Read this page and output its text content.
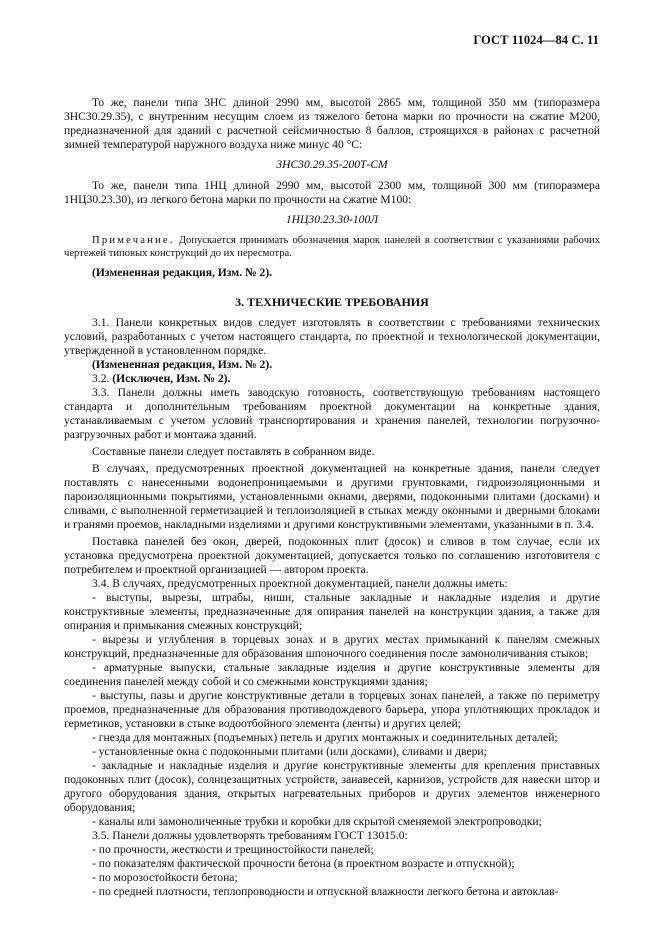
ГОСТ 11024—84 С. 11

То же, панели типа 3НС длиной 2990 мм, высотой 2865 мм, толщиной 350 мм (типоразмера 3НС30.29.35), с внутренним несущим слоем из тяжелого бетона марки по прочности на сжатие М200, предназначенной для зданий с расчетной сейсмичностью 8 баллов, строящихся в районах с расчетной зимней температурой наружного воздуха ниже минус 40 °С:

3НС30.29.35-200Т-СМ

То же, панели типа 1НЦ длиной 2990 мм, высотой 2300 мм, толщиной 300 мм (типоразмера 1НЦ30.23.30), из легкого бетона марки по прочности на сжатие М100:

1НЦ30.23.30-100Л

Примечание. Допускается принимать обозначения марок панелей в соответствии с указаниями рабочих чертежей типовых конструкций до их пересмотра.

(Измененная редакция, Изм. № 2).

3. ТЕХНИЧЕСКИЕ ТРЕБОВАНИЯ

3.1. Панели конкретных видов следует изготовлять в соответствии с требованиями технических условий, разработанных с учетом настоящего стандарта, по проектной и технологической документации, утвержденной в установленном порядке.

(Измененная редакция, Изм. № 2).

3.2. (Исключен, Изм. № 2).

3.3. Панели должны иметь заводскую готовность, соответствующую требованиям настоящего стандарта и дополнительным требованиям проектной документации на конкретные здания, устанавливаемым с учетом условий транспортирования и хранения панелей, технологии погрузочно-разгрузочных работ и монтажа зданий.

Составные панели следует поставлять в собранном виде.

В случаях, предусмотренных проектной документацией на конкретные здания, панели следует поставлять с нанесенными водонепроницаемыми и другими грунтовками, гидроизоляционными и пароизоляционными покрытиями, установленными окнами, дверями, подоконными плитами (досками) и сливами, с выполненной герметизацией и теплоизоляцией в стыках между оконными и дверными блоками и гранями проемов, накладными изделиями и другими конструктивными элементами, указанными в п. 3.4.

Поставка панелей без окон, дверей, подоконных плит (досок) и сливов в том случае, если их установка предусмотрена проектной документацией, допускается только по соглашению изготовителя с потребителем и проектной организацией — автором проекта.

3.4. В случаях, предусмотренных проектной документацией, панели должны иметь:

- выступы, вырезы, штрабы, ниши, стальные закладные и накладные изделия и другие конструктивные элементы, предназначенные для опирания панелей на конструкции здания, а также для опирания и примыкания смежных конструкций;

- вырезы и углубления в торцевых зонах и в других местах примыканий к панелям смежных конструкций, предназначенные для образования шпоночного соединения после замоноличивания стыков;

- арматурные выпуски, стальные закладные изделия и другие конструктивные элементы для соединения панелей между собой и со смежными конструкциями здания;

- выступы, пазы и другие конструктивные детали в торцевых зонах панелей, а также по периметру проемов, предназначенные для образования противодождевого барьера, упора уплотняющих прокладок и герметиков, установки в стыке водоотбойного элемента (ленты) и других целей;

- гнезда для монтажных (подъемных) петель и других монтажных и соединительных деталей;

- установленные окна с подоконными плитами (или досками), сливами и двери;

- закладные и накладные изделия и другие конструктивные элементы для крепления приставных подоконных плит (досок), солнцезащитных устройств, занавесей, карнизов, устройств для навески штор и другого оборудования здания, открытых нагревательных приборов и других элементов инженерного оборудования;

- каналы или замоноличенные трубки и коробки для скрытой сменяемой электропроводки;

3.5. Панели должны удовлетворять требованиям ГОСТ 13015.0:

- по прочности, жесткости и трещиностойкости панелей;

- по показателям фактической прочности бетона (в проектном возрасте и отпускной);

- по морозостойкости бетона;

- по средней плотности, теплопроводности и отпускной влажности легкого бетона и автоклав-
